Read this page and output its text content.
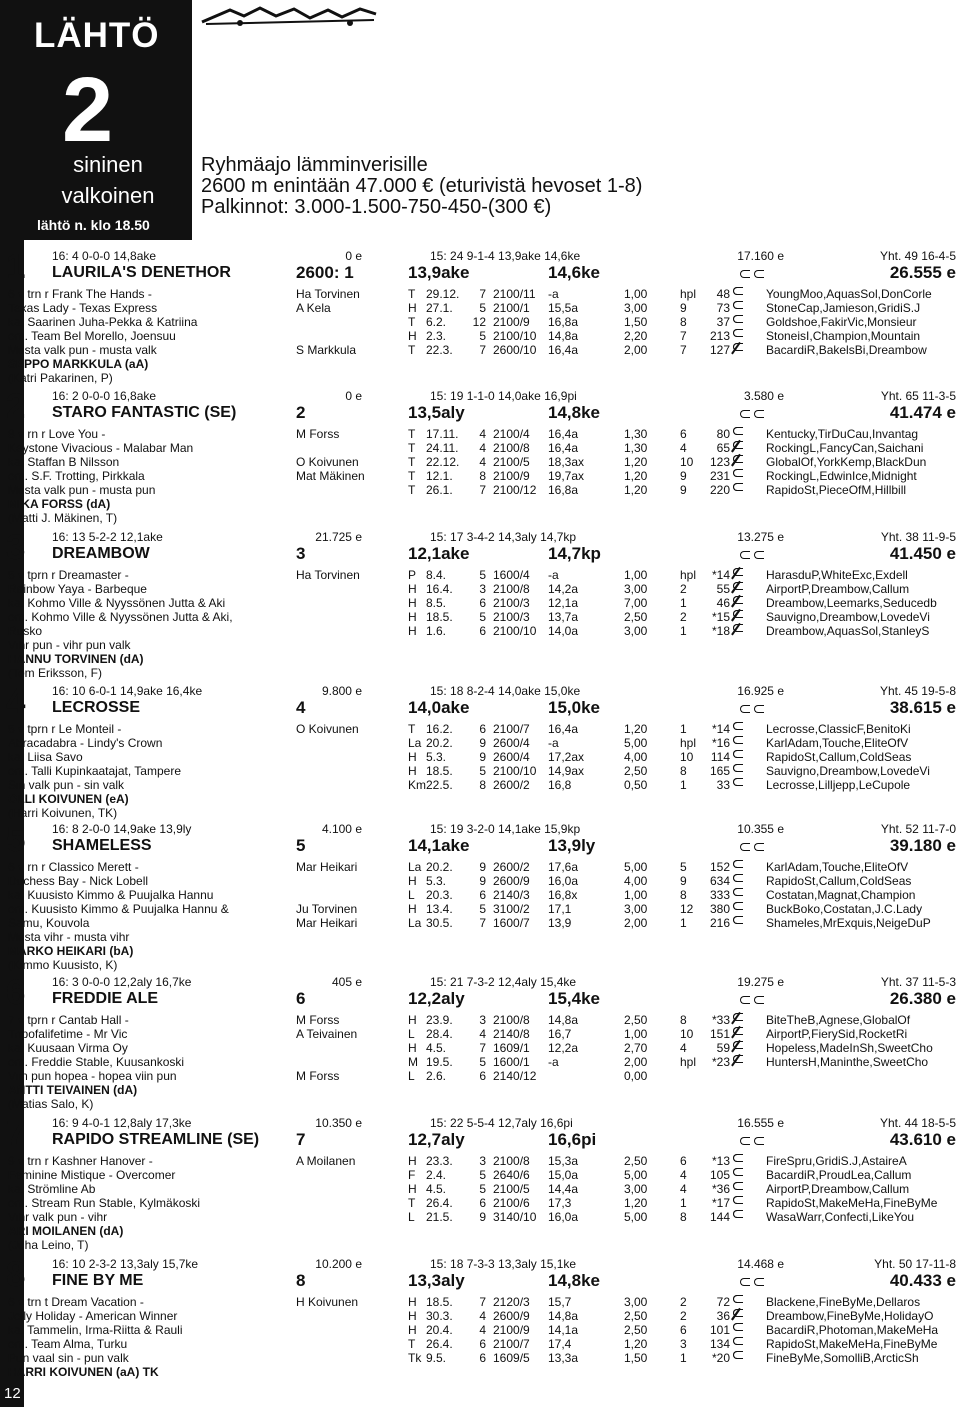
LÄHTÖ
2
sininen
valkoinen
lähtö n. klo 18.50
Ryhmäajo lämminverisille
2600 m enintään 47.000 € (eturivistä hevoset 1-8)
Palkinnot: 3.000-1.500-750-450-(300 €)
1 16: 4 0-0-0 14,8ake	0 e	15: 24 9-1-4 13,9ake 14,6ke	17.160 e	Yht. 49 16-4-5
LAURILA'S DENETHOR	2600: 1	13,9ake	14,6ke	26.555 e
6 v trn r Frank The Hands -
Texas Lady - Texas Express
ka. Saarinen Juha-Pekka & Katriina
om. Team Bel Morello, Joensuu
Musta valk pun - musta valk
SEPPO MARKKULA (aA)
(Katri Pakarinen, P)
Ha Torvinen	T 29.12. 7 2100/11 -a	1,00	hpl	48	YoungMoo,AquasSol,DonCorle
A Kela	H 27.1. 5 2100/1 15,5a	3,00	9	73	StoneCap,Jamieson,GridiS.J
T 6.2. 12 2100/9 16,8a	1,50	8	37	Goldshoe,FakirVic,Monsieur
H 2.3.	5 2100/10 14,8a	2,20	7	213	StoneisI,Champion,Mountain
S Markkula	T 22.3. 7 2600/10 16,4a	2,00	7	127	BacardiR,BakelsBi,Dreambow
2 16: 2 0-0-0 16,8ake	0 e	15: 19 1-1-0 14,0ake 16,9pi	3.580 e	Yht. 65 11-3-5
STARO FANTASTIC (SE)	2	13,5aly	14,8ke	41.474 e
8 v rn r Love You -
Keystone Vivacious - Malabar Man
ka. Staffan B Nilsson
om. S.F. Trotting, Pirkkala
Musta valk pun - musta pun
MIKA FORSS (dA)
(Matti J. Mäkinen, T)
M Forss	T 17.11. 4 2100/4 16,4a	1,30	6	80	Kentucky,TirDuCau,Invantag
T 24.11. 4 2100/8 16,4a	1,30	4	65	RockingL,FancyCan,Saichani
O Koivunen	T 22.12. 4 2100/5 18,3ax	1,20	10	123	GlobalOf,YorkKemp,BlackDun
Mat Mäkinen	T 12.1. 8 2100/9 19,7ax	1,20	9	231	RockingL,EdwinIce,Midnight
T 26.1. 7 2100/12 16,8a	1,20	9	220	RapidoSt,PieceOfM,Hillbill
3 16: 13 5-2-2 12,1ake	21.725 e	15: 17 3-4-2 14,3aly 14,7kp	13.275 e	Yht. 38 11-9-5
DREAMBOW	3	12,1ake	14,7kp	41.450 e
5 v tprn r Dreamaster -
Rainbow Yaya - Barbeque
ka. Kohmo Ville & Nyyssönen Jutta & Aki
om. Kohmo Ville & Nyyssönen Jutta & Aki,
Rusko
Vihr pun - vihr pun valk
HANNU TORVINEN (dA)
(Tom Eriksson, F)
Ha Torvinen	P 8.4.	5 1600/4 -a	1,00	hpl	*14	HarasduP,WhiteExc,Exdell
H 16.4. 3 2100/8 14,2a	3,00	2	55	AirportP,Dreambow,Callum
H 8.5.	6 2100/3 12,1a	7,00	1	46	Dreambow,Leemarks,Seducedb
H 18.5. 5 2100/3 13,7a	2,50	2	*15	Sauvigno,Dreambow,LovedeVi
H 1.6.	6 2100/10 14,0a	3,00	1	*18	Dreambow,AquasSol,StanleyS
4 16: 10 6-0-1 14,9ake 16,4ke	9.800 e	15: 18 8-2-4 14,0ake 15,0ke	16.925 e	Yht. 45 19-5-8
LECROSSE	4	14,0ake	15,0ke	38.615 e
5 v tprn r Le Monteil -
Abracadabra - Lindy's Crown
ka. Liisa Savo
om. Talli Kupinkaatajat, Tampere
Sin valk pun - sin valk
OLLI KOIVUNEN (eA)
(Harri Koivunen, TK)
O Koivunen	T 16.2. 6 2100/7 16,4a	1,20	1	*14	Lecrosse,ClassicF,BenitoKi
La 20.2. 9 2600/4 -a	5,00	hpl	*16	KarlAdam,Touche,EliteOfV
H 5.3.	9 2600/4 17,2ax	4,00	10	114	RapidoSt,Callum,ColdSeas
H 18.5. 5 2100/10 14,9ax	2,50	8	165	Sauvigno,Dreambow,LovedeVi
Km 22.5. 8 2600/2 16,8	0,50	1	33	Lecrosse,Lilljepp,LeCupole
5 16: 8 2-0-0 14,9ake 13,9ly	4.100 e	15: 19 3-2-0 14,1ake 15,9kp	10.355 e	Yht. 52 11-7-0
SHAMELESS	5	14,1ake	13,9ly	39.180 e
6 v rn r Classico Merett -
Duchess Bay - Nick Lobell
ka. Kuusisto Kimmo & Puujalka Hannu
om. Kuusisto Kimmo & Puujalka Hannu &
Samu, Kouvola
Musta vihr - musta vihr
MARKO HEIKARI (bA)
(Kimmo Kuusisto, K)
Mar Heikari	La 20.2. 9 2600/2 17,6a	5,00	5	152	KarlAdam,Touche,EliteOfV
H 5.3.	9 2600/9 16,0a	4,00	9	634	RapidoSt,Callum,ColdSeas
L 20.3. 6 2140/3 16,8x	1,00	8	333	Costatan,Magnat,Champion
Ju Torvinen	H 13.4. 5 3100/2 17,1	3,00	12	380	BuckBoko,Costatan,J.C.Lady
Mar Heikari	La 30.5. 7 1600/7 13,9	2,00	1	216	Shameles,MrExquis,NeigeDuP
6 16: 3 0-0-0 12,2aly 16,7ke	405 e	15: 21 7-3-2 12,4aly 15,4ke	19.275 e	Yht. 37 11-5-3
FREDDIE ALE	6	12,2aly	15,4ke	26.380 e
7 v tprn r Cantab Hall -
Tripofalifetime - Mr Vic
ka. Kuusaan Virma Oy
om. Freddie Stable, Kuusankoski
Viin pun hopea - hopea viin pun
ANTTI TEIVAINEN (dA)
(Matias Salo, K)
M Forss	H 23.9. 3 2100/8 14,8a	2,50	8	*33	BiteTheB,Agnese,GlobalOf
A Teivainen	L 28.4. 4 2140/8 16,7	1,00	10	151	AirportP,FierySid,RocketRi
H 4.5.	7 1609/1 12,2a	2,70	4	59	Hopeless,MadeInSh,SweetCho
M 19.5. 5 1600/1 -a	2,00	hpl	*23	HuntersH,Maninthe,SweetCho
M Forss	L 2.6.	6 2140/12	0,00
7 16: 9 4-0-1 12,8aly 17,3ke	10.350 e	15: 22 5-5-4 12,7aly 16,6pi	16.555 e	Yht. 44 18-5-5
RAPIDO STREAMLINE (SE) 7	12,7aly	16,6pi	43.610 e
9 v trn r Kashner Hanover -
Feminine Mistique - Overcomer
ka. Strömline Ab
om. Stream Run Stable, Kylmäkoski
Vihr valk pun - vihr
ARI MOILANEN (dA)
(Juha Leino, T)
A Moilanen	H 23.3. 3 2100/8 15,3a	2,50	6	*13	FireSpru,GridiS.J,AstaireA
F 2.4.	5 2640/6 15,0a	5,00	4	105	BacardiR,ProudLea,Callum
H 4.5.	5 2100/5 14,4a	3,00	4	*36	AirportP,Dreambow,Callum
T 26.4. 6 2100/6 17,3	1,20	1	*17	RapidoSt,MakeMeHa,FineByMe
L 21.5. 9 3140/10 16,0a	5,00	8	144	WasaWarr,Confecti,LikeYou
8 16: 10 2-3-2 13,3aly 15,7ke	10.200 e	15: 18 7-3-3 13,3aly 15,1ke	14.468 e	Yht. 50 17-11-8
FINE BY ME	8	13,3aly	14,8ke	40.433 e
6 v trn t Dream Vacation -
Jolly Holiday - American Winner
ka. Tammelin, Irma-Riitta & Rauli
om. Team Alma, Turku
Pun vaal sin - pun valk
HARRI KOIVUNEN (aA) TK
H Koivunen	H 18.5. 7 2120/3 15,7	3,00	2	72	Blackene,FineByMe,Dellaros
H 30.3. 4 2600/9 14,8a	2,50	2	36	Dreambow,FineByMe,HolidayO
H 20.4. 4 2100/9 14,1a	2,50	6	101	BacardiR,Photoman,MakeMeHa
T 26.4. 6 2100/7 17,4	1,20	3	134	RapidoSt,MakeMeHa,FineByMe
Tk 9.5.	6 1609/5 13,3a	1,50	1	*20	FineByMe,SomolliB,ArcticSh
12
